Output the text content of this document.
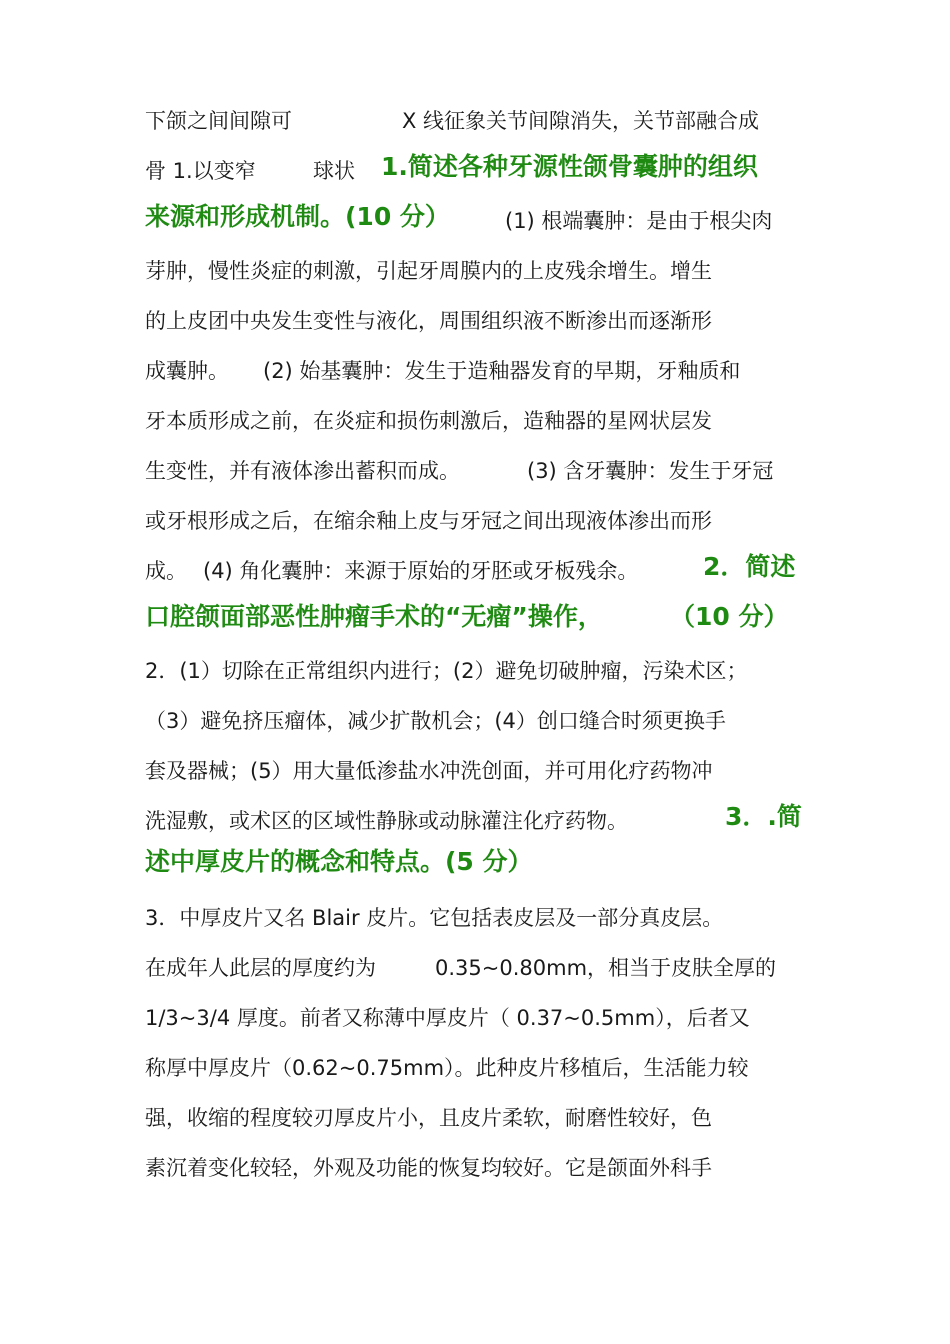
下颌之间间隙可	X 线征象关节间隙消失，关节部融合成
骨 1.以变窄	球状 1.简述各种牙源性颌骨囊肿的组织
来源和形成机制。(10 分）	(1) 根端囊肿：是由于根尖肉
芽肿，慢性炎症的刺激，引起牙周膜内的上皮残余增生。增生
的上皮团中央发生变性与液化，周围组织液不断渗出而逐渐形
成囊肿。 (2) 始基囊肿：发生于造釉器发育的早期，牙釉质和
牙本质形成之前，在炎症和损伤刺激后，造釉器的星网状层发
生变性，并有液体渗出蓄积而成。	(3) 含牙囊肿：发生于牙冠
或牙根形成之后，在缩余釉上皮与牙冠之间出现液体渗出而形
成。 (4) 角化囊肿：来源于原始的牙胚或牙板残余。	2．简述
口腔颌面部恶性肿瘤手术的“无瘤”操作，	（10 分）
2．(1）切除在正常组织内进行；(2）避免切破肿瘤，污染术区；
（3）避免挤压瘤体，减少扩散机会；(4）创口缝合时须更换手
套及器械；(5）用大量低渗盐水冲洗创面，并可用化疗药物冲
洗湿敷，或术区的区域性静脉或动脉灌注化疗药物。	3．.简
述中厚皮片的概念和特点。(5 分）
3．中厚皮片又名 Blair 皮片。它包括表皮层及一部分真皮层。
在成年人此层的厚度约为	0.35~0.80mm，相当于皮肤全厚的
1/3~3/4 厚度。前者又称薄中厚皮片（ 0.37~0.5mm），后者又
称厚中厚皮片（0.62~0.75mm）。此种皮片移植后，生活能力较
强，收缩的程度较刃厚皮片小，且皮片柔软，耐磨性较好，色
素沉着变化较轻，外观及功能的恢复均较好。它是颌面外科手
